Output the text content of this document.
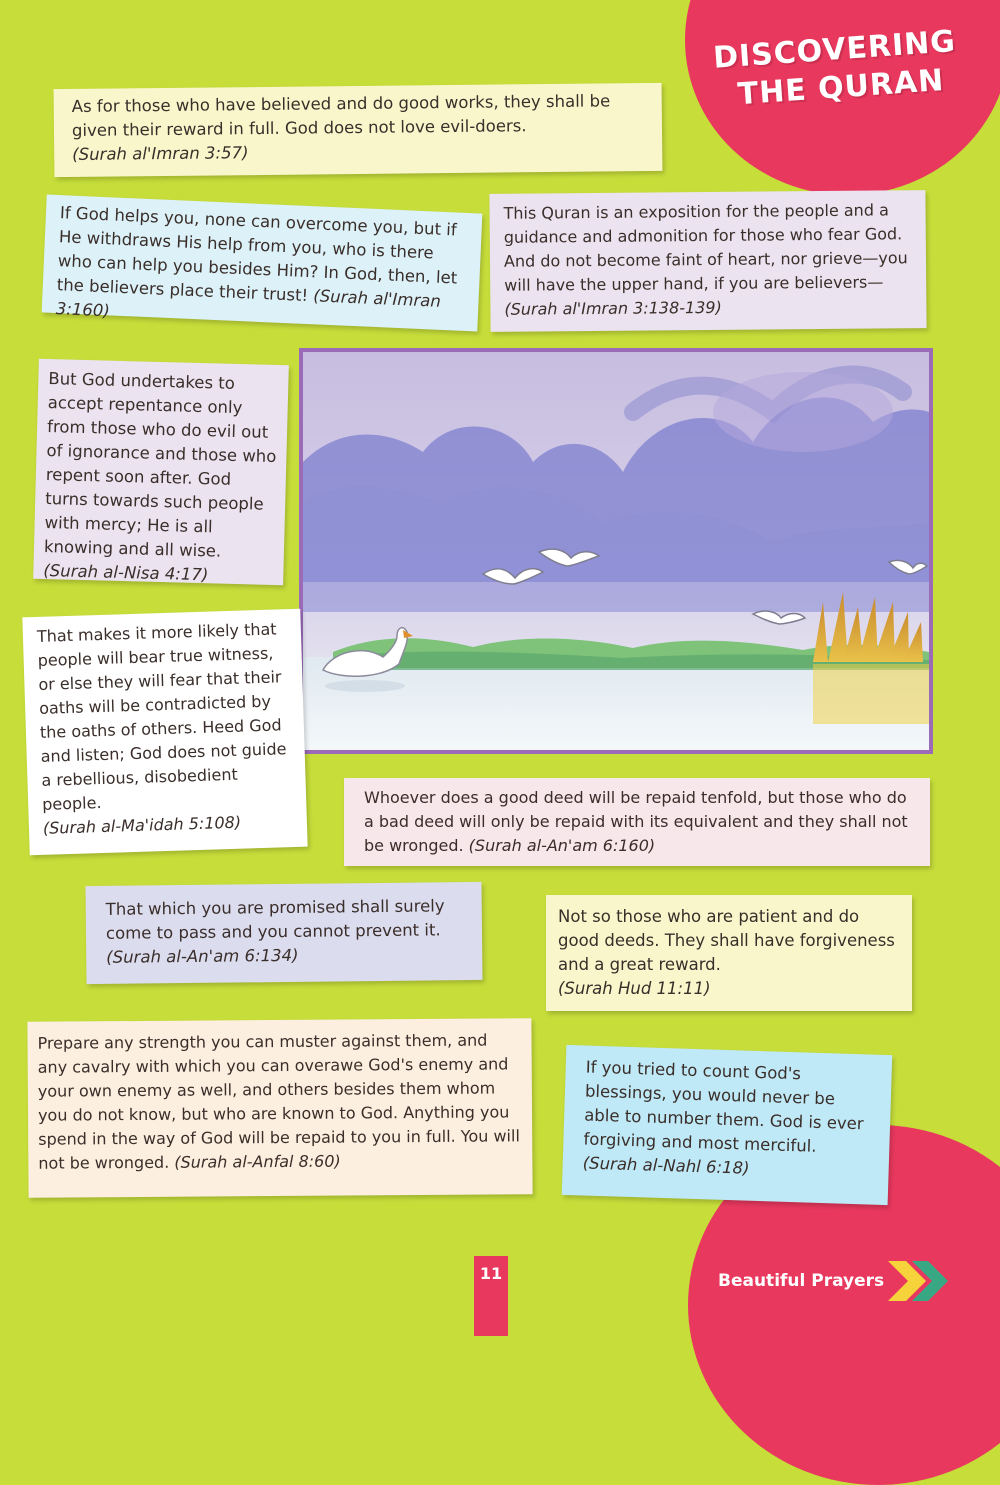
DISCOVERING
THE QURAN
As for those who have believed and do good works, they shall be given their reward in full. God does not love evil-doers.
(Surah al'Imran 3:57)
If God helps you, none can overcome you, but if He withdraws His help from you, who is there who can help you besides Him? In God, then, let the believers place their trust! (Surah al'Imran 3:160)
This Quran is an exposition for the people and a guidance and admonition for those who fear God. And do not become faint of heart, nor grieve—you will have the upper hand, if you are believers—
(Surah al'Imran 3:138-139)
But God undertakes to accept repentance only from those who do evil out of ignorance and those who repent soon after. God turns towards such people with mercy; He is all knowing and all wise. (Surah al-Nisa 4:17)
That makes it more likely that people will bear true witness, or else they will fear that their oaths will be contradicted by the oaths of others. Heed God and listen; God does not guide a rebellious, disobedient people.
(Surah al-Ma'idah 5:108)
Whoever does a good deed will be repaid tenfold, but those who do a bad deed will only be repaid with its equivalent and they shall not be wronged. (Surah al-An'am 6:160)
That which you are promised shall surely come to pass and you cannot prevent it.
(Surah al-An'am 6:134)
Not so those who are patient and do good deeds. They shall have forgiveness and a great reward.
(Surah Hud 11:11)
Prepare any strength you can muster against them, and any cavalry with which you can overawe God's enemy and your own enemy as well, and others besides them whom you do not know, but who are known to God. Anything you spend in the way of God will be repaid to you in full. You will not be wronged. (Surah al-Anfal 8:60)
If you tried to count God's blessings, you would never be able to number them. God is ever forgiving and most merciful. (Surah al-Nahl 6:18)
11	Beautiful Prayers
